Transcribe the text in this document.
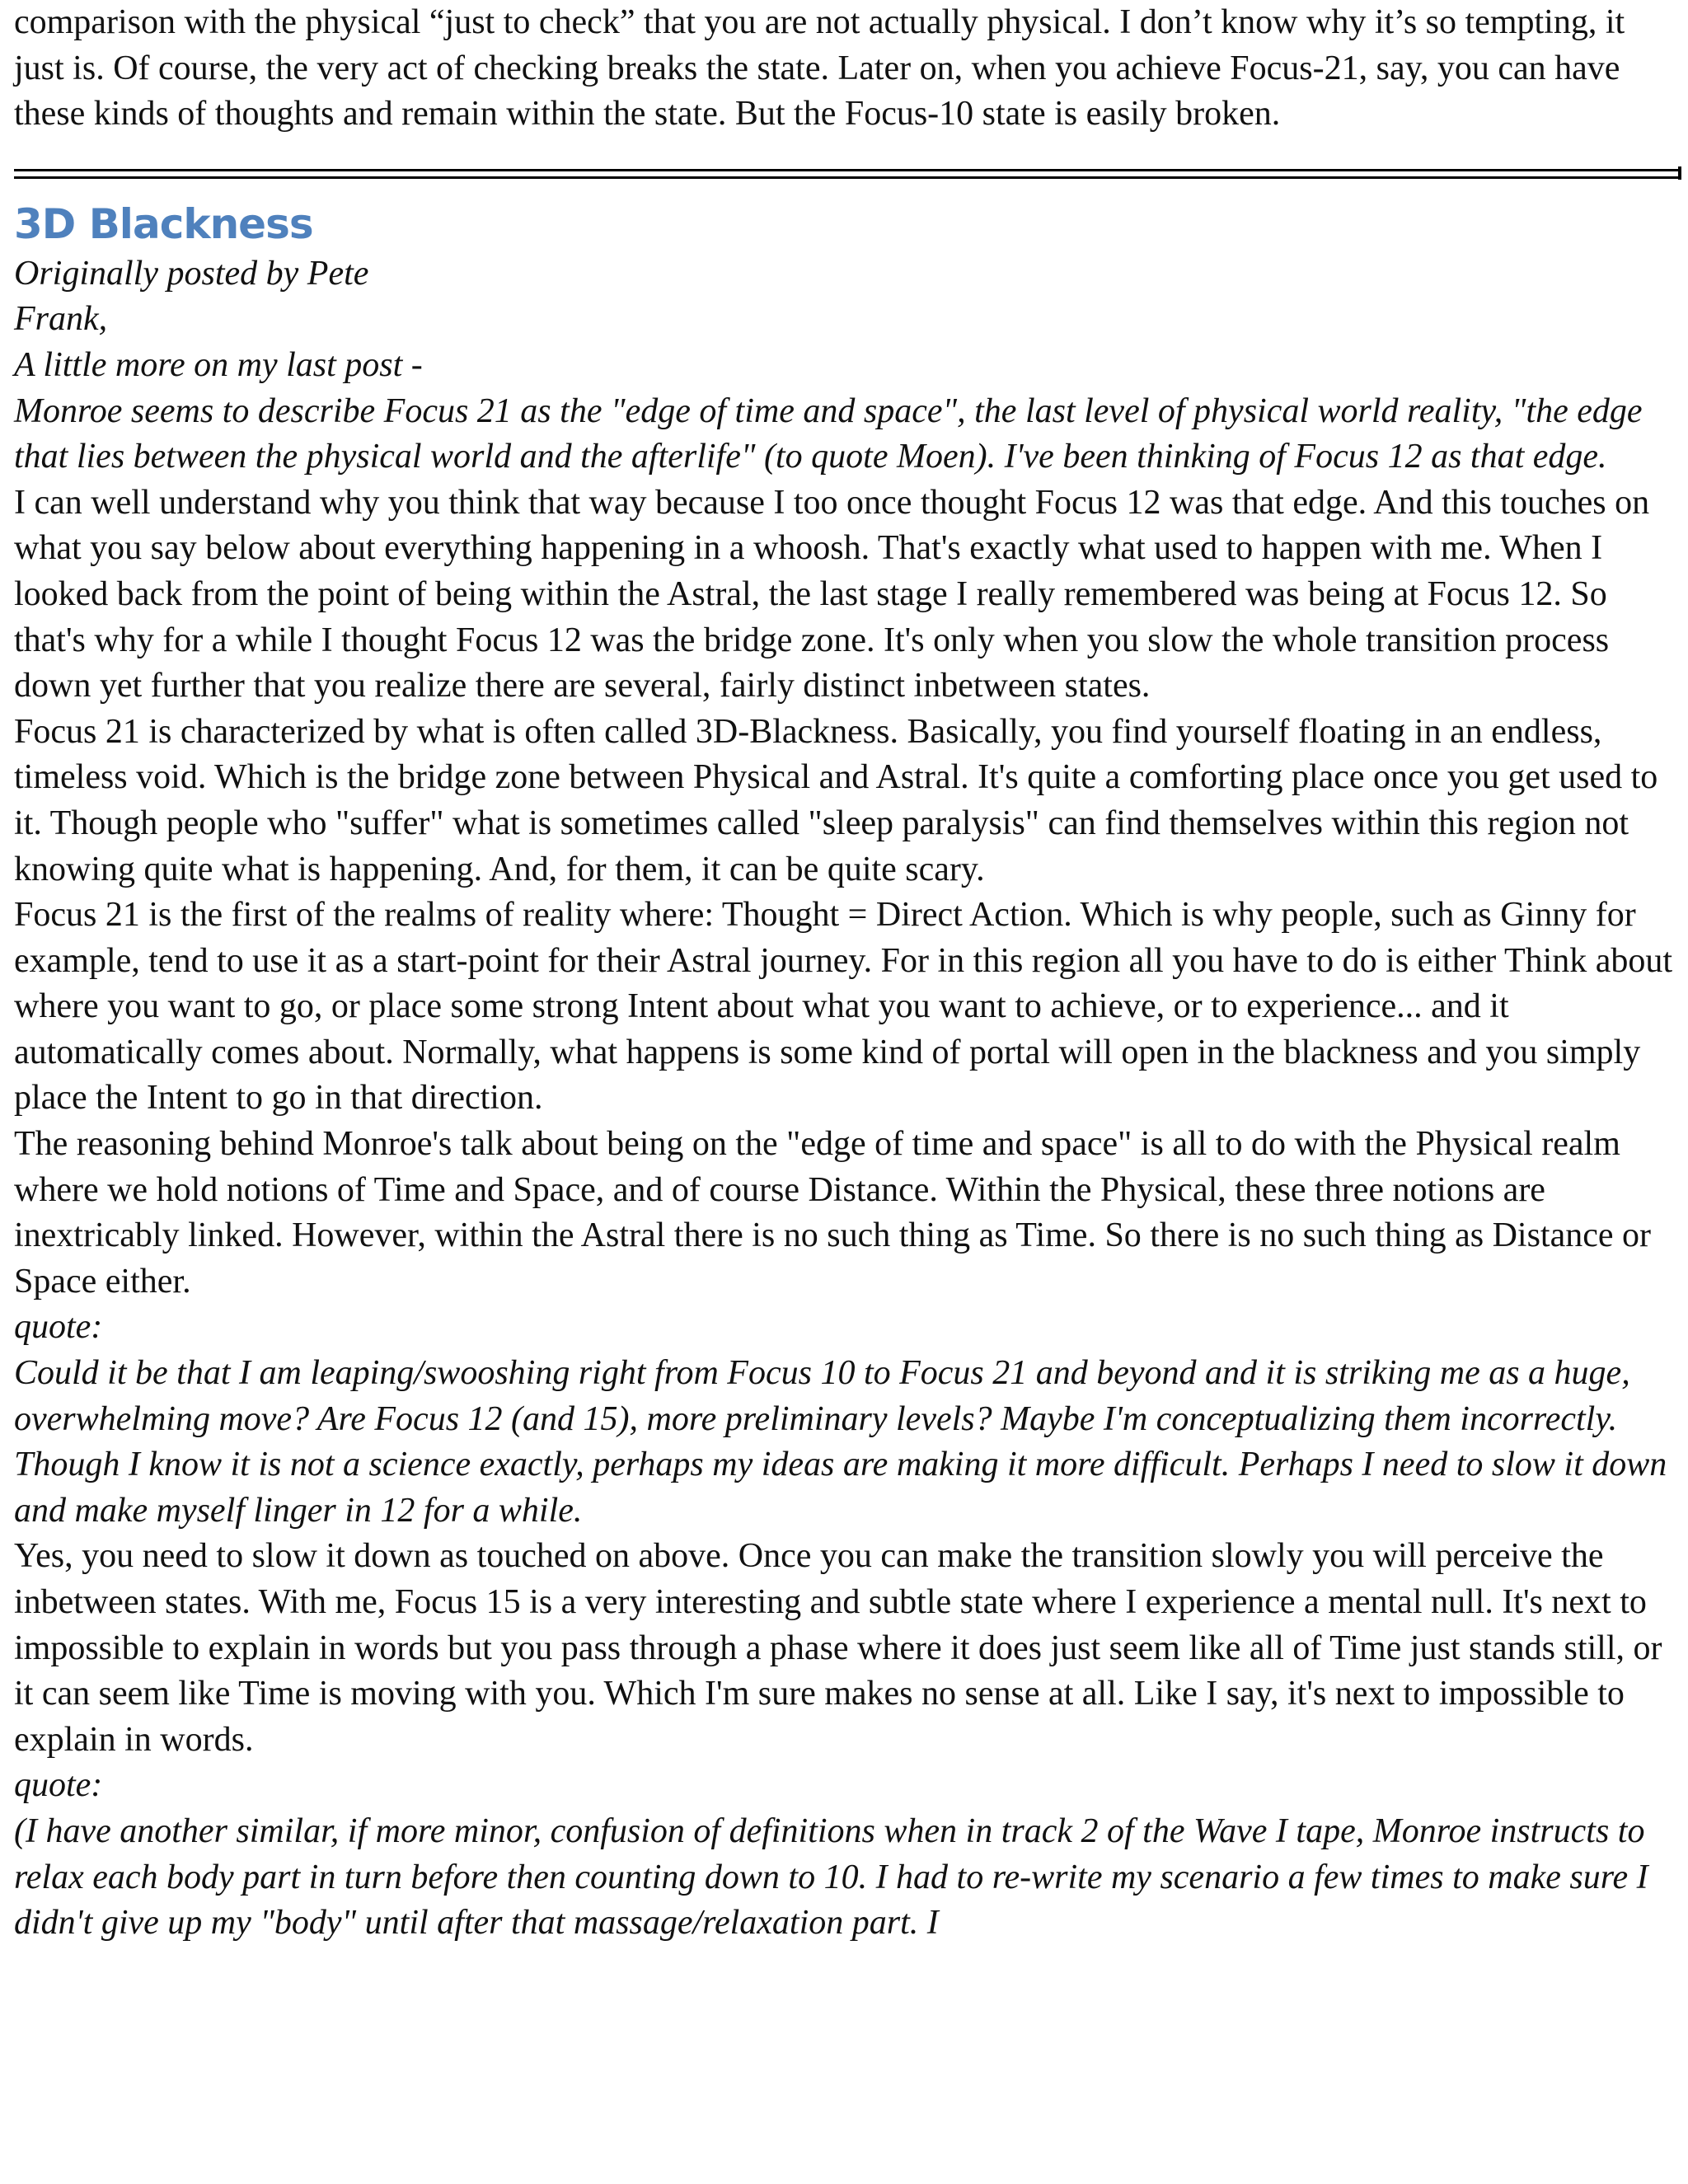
comparison with the physical “just to check” that you are not actually physical. I don’t know why it’s so tempting, it just is. Of course, the very act of checking breaks the state. Later on, when you achieve Focus-21, say, you can have these kinds of thoughts and remain within the state. But the Focus-10 state is easily broken.

3D Blackness

Originally posted by Pete

Frank,

A little more on my last post -

Monroe seems to describe Focus 21 as the "edge of time and space", the last level of physical world reality, "the edge that lies between the physical world and the afterlife" (to quote Moen). I've been thinking of Focus 12 as that edge.

I can well understand why you think that way because I too once thought Focus 12 was that edge. And this touches on what you say below about everything happening in a whoosh. That's exactly what used to happen with me. When I looked back from the point of being within the Astral, the last stage I really remembered was being at Focus 12. So that's why for a while I thought Focus 12 was the bridge zone. It's only when you slow the whole transition process down yet further that you realize there are several, fairly distinct inbetween states.

Focus 21 is characterized by what is often called 3D-Blackness. Basically, you find yourself floating in an endless, timeless void. Which is the bridge zone between Physical and Astral. It's quite a comforting place once you get used to it. Though people who "suffer" what is sometimes called "sleep paralysis" can find themselves within this region not knowing quite what is happening. And, for them, it can be quite scary.

Focus 21 is the first of the realms of reality where: Thought = Direct Action. Which is why people, such as Ginny for example, tend to use it as a start-point for their Astral journey. For in this region all you have to do is either Think about where you want to go, or place some strong Intent about what you want to achieve, or to experience... and it automatically comes about. Normally, what happens is some kind of portal will open in the blackness and you simply place the Intent to go in that direction.

The reasoning behind Monroe's talk about being on the "edge of time and space" is all to do with the Physical realm where we hold notions of Time and Space, and of course Distance. Within the Physical, these three notions are inextricably linked. However, within the Astral there is no such thing as Time. So there is no such thing as Distance or Space either.

quote:

Could it be that I am leaping/swooshing right from Focus 10 to Focus 21 and beyond and it is striking me as a huge, overwhelming move? Are Focus 12 (and 15), more preliminary levels? Maybe I'm conceptualizing them incorrectly. Though I know it is not a science exactly, perhaps my ideas are making it more difficult. Perhaps I need to slow it down and make myself linger in 12 for a while.

Yes, you need to slow it down as touched on above. Once you can make the transition slowly you will perceive the inbetween states. With me, Focus 15 is a very interesting and subtle state where I experience a mental null. It's next to impossible to explain in words but you pass through a phase where it does just seem like all of Time just stands still, or it can seem like Time is moving with you. Which I'm sure makes no sense at all. Like I say, it's next to impossible to explain in words.

quote:

(I have another similar, if more minor, confusion of definitions when in track 2 of the Wave I tape, Monroe instructs to relax each body part in turn before then counting down to 10. I had to re-write my scenario a few times to make sure I didn't give up my "body" until after that massage/relaxation part. I
